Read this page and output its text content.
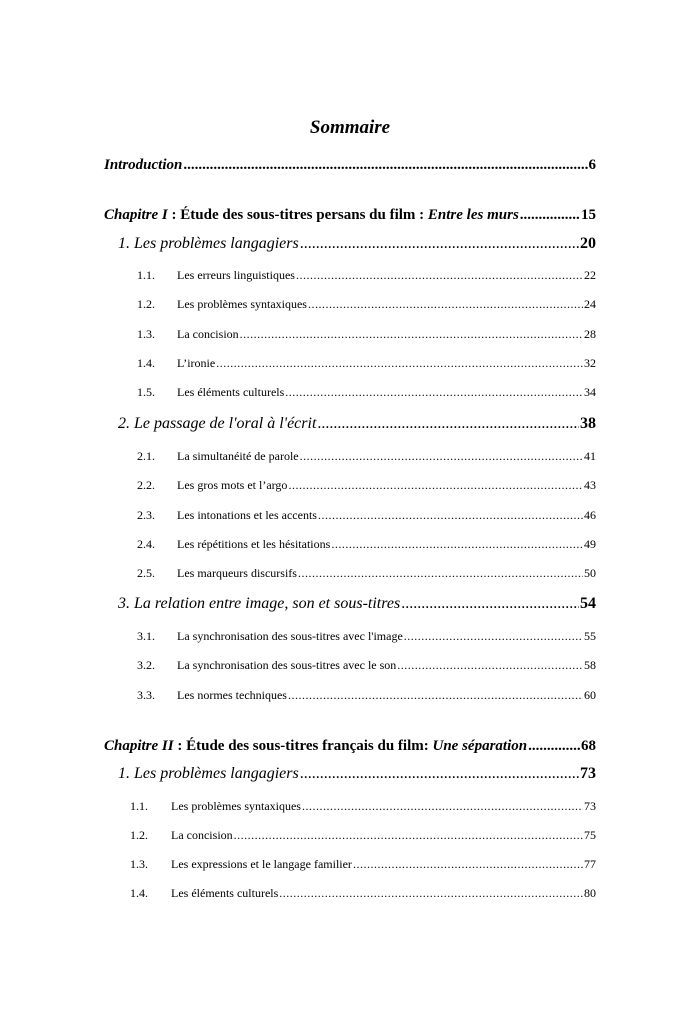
Sommaire
Introduction .....	6
Chapitre I : Étude des sous-titres persans du film : Entre les murs .....	15
1. Les problèmes langagiers .....	20
1.1. Les erreurs linguistiques .....	22
1.2. Les problèmes syntaxiques .....	24
1.3. La concision .....	28
1.4. L’ironie .....	32
1.5. Les éléments culturels .....	34
2. Le passage de l'oral à l'écrit .....	38
2.1. La simultanéité de parole .....	41
2.2. Les gros mots et l’argo .....	43
2.3. Les intonations et les accents .....	46
2.4. Les répétitions et les hésitations .....	49
2.5. Les marqueurs discursifs .....	50
3. La relation entre image, son et sous-titres .....	54
3.1. La synchronisation des sous-titres avec l'image .....	55
3.2. La synchronisation des sous-titres avec le son .....	58
3.3. Les normes techniques .....	60
Chapitre II : Étude des sous-titres français du film: Une séparation .....	68
1. Les problèmes langagiers .....	73
1.1. Les problèmes syntaxiques .....	73
1.2. La concision .....	75
1.3. Les expressions et le langage familier .....	77
1.4. Les éléments culturels .....	80
